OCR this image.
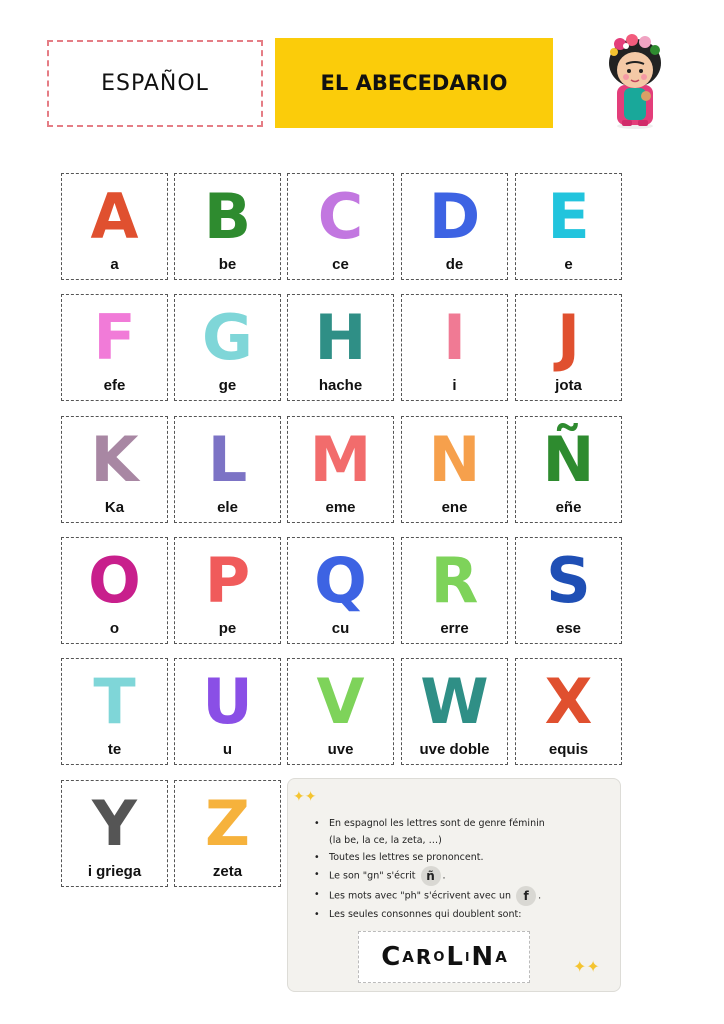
ESPAÑOL	EL ABECEDARIO
A
a
B
be
C
ce
D
de
E
e
F
efe
G
ge
H
hache
I
i
J
jota
K
Ka
L
ele
M
eme
N
ene
Ñ
eñe
O
o
P
pe
Q
cu
R
erre
S
ese
T
te
U
u
V
uve
W
uve doble
X
equis
Y
i griega
Z
zeta
✦✦
• En espagnol les lettres sont de genre féminin
(la be, la ce, la zeta, …)
• Toutes les lettres se prononcent.
• Le son "gn" s'écrit ñ .
• Les mots avec "ph" s'écrivent avec un f .
• Les seules consonnes qui doublent sont:
C A R O L I N A	✦✦
